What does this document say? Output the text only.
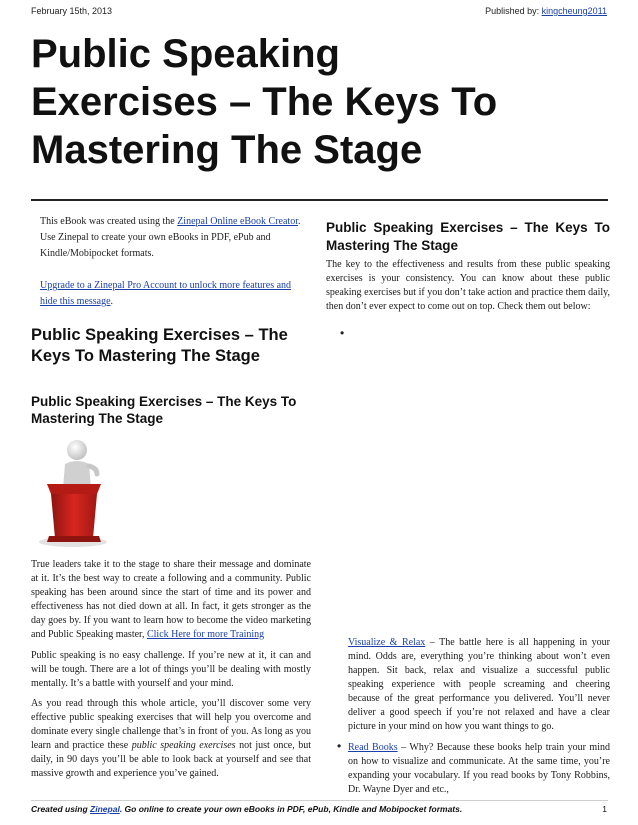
February 15th, 2013	Published by: kingcheung2011
Public Speaking
Exercises – The Keys To
Mastering The Stage

This eBook was created using the Zinepal Online eBook Creator. Use Zinepal to create your own eBooks in PDF, ePub and Kindle/Mobipocket formats.

Upgrade to a Zinepal Pro Account to unlock more features and hide this message.

Public Speaking Exercises – The Keys To Mastering The Stage
Public Speaking Exercises – The Keys To Mastering The Stage

True leaders take it to the stage to share their message and dominate at it. It’s the best way to create a following and a community. Public speaking has been around since the start of time and its power and effectiveness has not died down at all. In fact, it gets stronger as the day goes by. If you want to learn how to become the video marketing and Public Speaking master, Click Here for more Training

Public speaking is no easy challenge. If you’re new at it, it can and will be tough. There are a lot of things you’ll be dealing with mostly mentally. It’s a battle with yourself and your mind.

As you read through this whole article, you’ll discover some very effective public speaking exercises that will help you overcome and dominate every single challenge that’s in front of you. As long as you learn and practice these public speaking exercises not just once, but daily, in 90 days you’ll be able to look back at yourself and see that massive growth and experience you’ve gained.

Public Speaking Exercises – The Keys To Mastering The Stage

The key to the effectiveness and results from these public speaking exercises is your consistency. You can know about these public speaking exercises but if you don’t take action and practice them daily, then don’t ever expect to come out on top. Check them out below:

•

Visualize & Relax – The battle here is all happening in your mind. Odds are, everything you’re thinking about won’t even happen. Sit back, relax and visualize a successful public speaking experience with people screaming and cheering because of the great performance you delivered. You’ll never deliver a good speech if you’re not relaxed and have a clear picture in your mind on how you want things to go.

• Read Books – Why? Because these books help train your mind on how to visualize and communicate. At the same time, you’re expanding your vocabulary. If you read books by Tony Robbins, Dr. Wayne Dyer and etc.,

Created using Zinepal. Go online to create your own eBooks in PDF, ePub, Kindle and Mobipocket formats.	1
